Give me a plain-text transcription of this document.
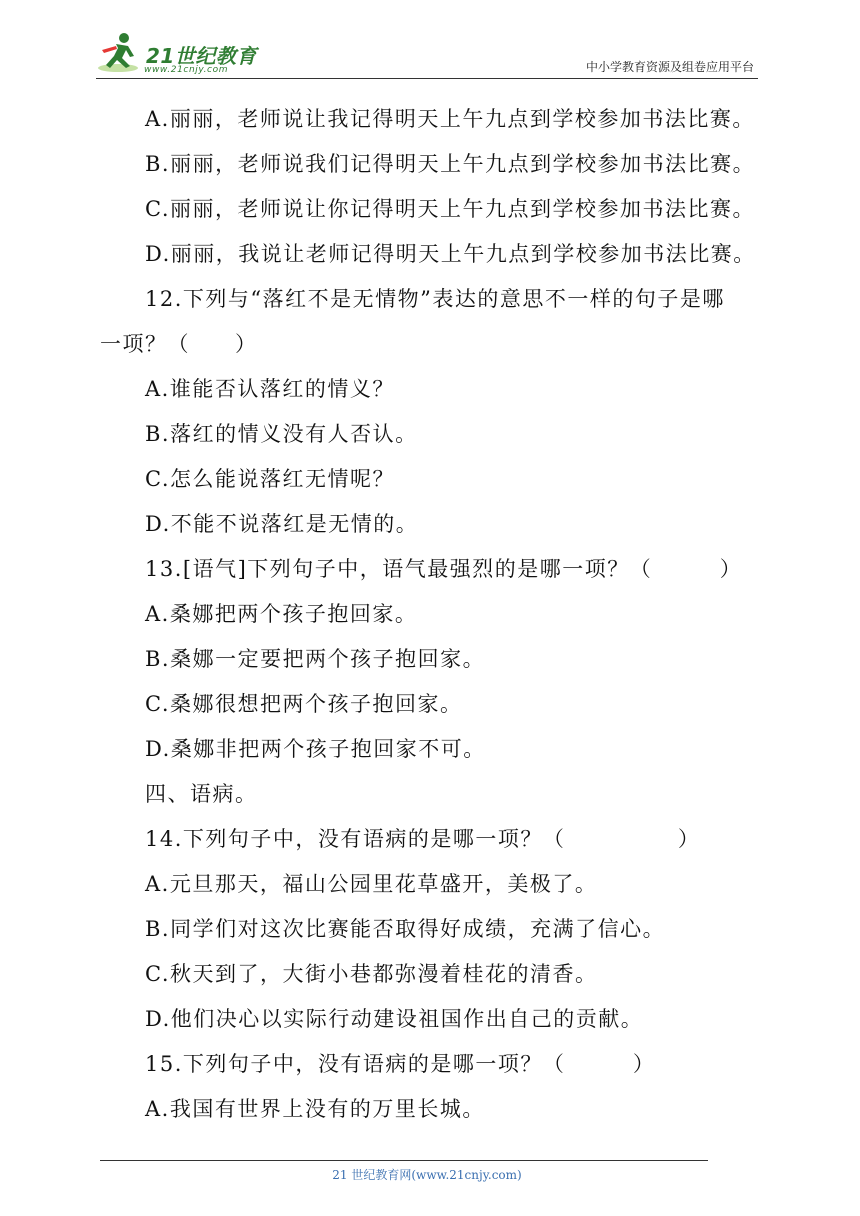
21世纪教育
www.21cnjy.com	中小学教育资源及组卷应用平台
A.丽丽，老师说让我记得明天上午九点到学校参加书法比赛。
B.丽丽，老师说我们记得明天上午九点到学校参加书法比赛。
C.丽丽，老师说让你记得明天上午九点到学校参加书法比赛。
D.丽丽，我说让老师记得明天上午九点到学校参加书法比赛。
12.下列与“落红不是无情物”表达的意思不一样的句子是哪
一项？（　　）
A.谁能否认落红的情义？
B.落红的情义没有人否认。
C.怎么能说落红无情呢？
D.不能不说落红是无情的。
13.[语气]下列句子中，语气最强烈的是哪一项？（　　　）
A.桑娜把两个孩子抱回家。
B.桑娜一定要把两个孩子抱回家。
C.桑娜很想把两个孩子抱回家。
D.桑娜非把两个孩子抱回家不可。
四、语病。
14.下列句子中，没有语病的是哪一项？（　　　　　）
A.元旦那天，福山公园里花草盛开，美极了。
B.同学们对这次比赛能否取得好成绩，充满了信心。
C.秋天到了，大街小巷都弥漫着桂花的清香。
D.他们决心以实际行动建设祖国作出自己的贡献。
15.下列句子中，没有语病的是哪一项？（　　　）
A.我国有世界上没有的万里长城。
21 世纪教育网(www.21cnjy.com)
